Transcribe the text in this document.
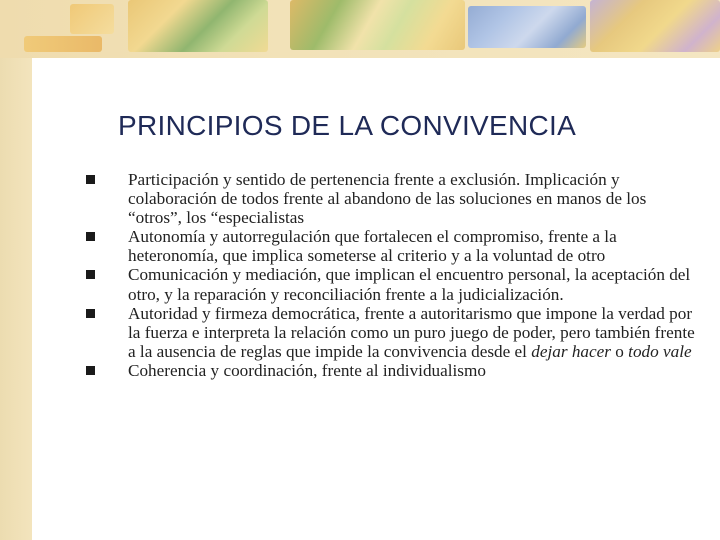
PRINCIPIOS DE LA CONVIVENCIA
Participación y sentido de pertenencia frente a exclusión. Implicación y colaboración de todos frente al abandono de las soluciones en manos de los “otros”, los “especialistas
Autonomía y autorregulación que fortalecen el compromiso, frente a la heteronomía, que implica someterse al criterio y a la voluntad de otro
Comunicación y mediación, que implican el encuentro personal, la aceptación del otro, y la reparación y reconciliación frente a la judicialización.
Autoridad y firmeza democrática, frente a autoritarismo que impone la verdad por la fuerza e interpreta la relación como un puro juego de poder, pero también frente a la ausencia de reglas que impide la convivencia desde el dejar hacer o todo vale
Coherencia y coordinación, frente al individualismo
